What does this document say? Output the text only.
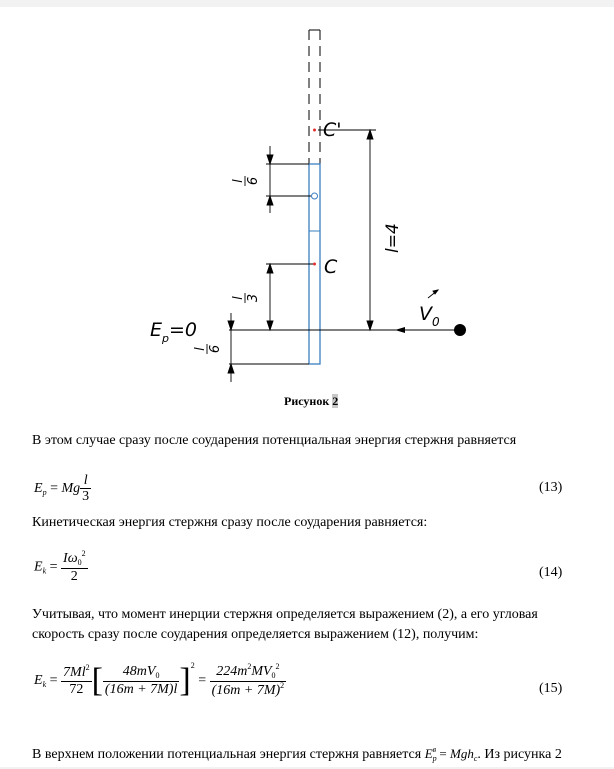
C'
C
l=4
$E_p=0$
$V_0$
l 6
l 3
l 6
Рисунок 2
В этом случае сразу после соударения потенциальная энергия стержня равняется
$E_p = Mg \frac{l}{3}$	(13)
Кинетическая энергия стержня сразу после соударения равняется:
$E_k = \frac{I\omega_0^2}{2}$	(14)
Учитывая, что момент инерции стержня определяется выражением (2), а его угловая
скорость сразу после соударения определяется выражением (12), получим:
$E_k = \frac{7Ml^2}{72}$ [ $\frac{48mV_0}{(16m + 7M)l} ]^2 = \frac{224m^2MV_0^2}{(16m + 7M)^2}$	(15)
В верхнем положении потенциальная энергия стержня равняется $E_p^в = Mgh_c$. Из рисунка 2
